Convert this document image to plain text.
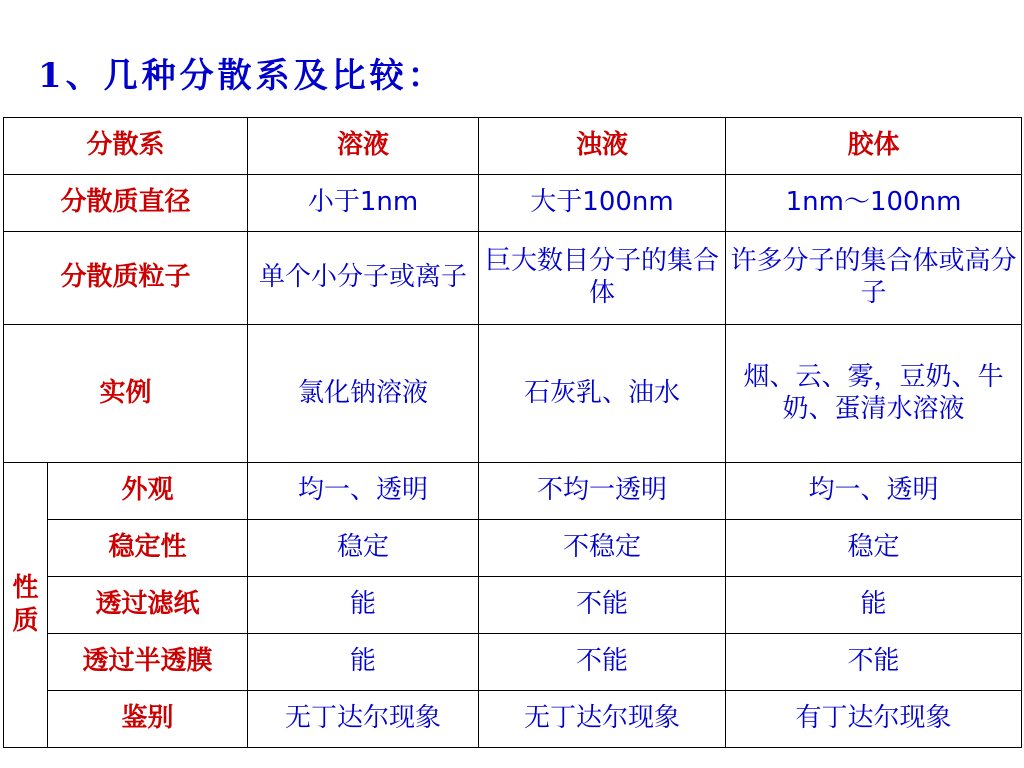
1、几种分散系及比较：
分散系		溶液	浊液	胶体
分散质直径		小于1nm	大于100nm	1nm～100nm
分散质粒子		单个小分子或离子	巨大数目分子的集合体	许多分子的集合体或高分子
实例		氯化钠溶液	石灰乳、油水	烟、云、雾，豆奶、牛奶、蛋清水溶液
性质	外观	均一、透明	不均一透明	均一、透明
	稳定性	稳定	不稳定	稳定
	透过滤纸	能	不能	能
	透过半透膜	能	不能	不能
	鉴别	无丁达尔现象	无丁达尔现象	有丁达尔现象
